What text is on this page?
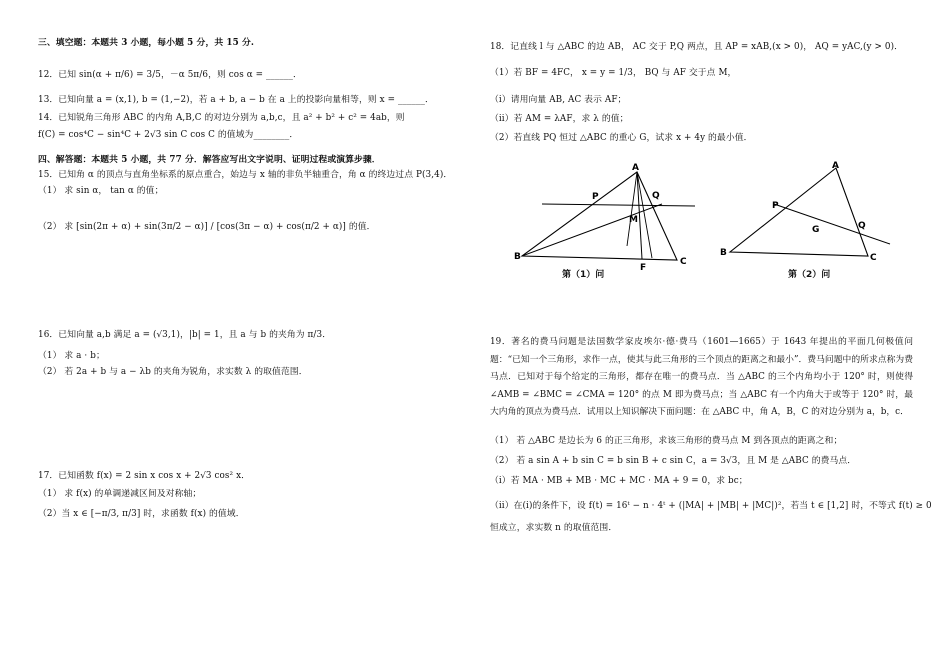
三、填空题：本题共 3 小题，每小题 5 分，共 15 分.
12．已知 sin(α + π/6) = 3/5，－α 5π/6，则 cos α = ______．
13．已知向量 a = (x,1), b = (1,−2)，若 a + b, a − b 在 a 上的投影向量相等，则 x = ______．
14．已知锐角三角形 ABC 的内角 A,B,C 的对边分别为 a,b,c，且 a² + b² + c² = 4ab，则
f(C) = cos⁴C − sin⁴C + 2√3 sin C cos C 的值域为________．
四、解答题：本题共 5 小题，共 77 分．解答应写出文字说明、证明过程或演算步骤．
15．已知角 α 的顶点与直角坐标系的原点重合，始边与 x 轴的非负半轴重合，角 α 的终边过点 P(3,4)．
（1） 求 sin α， tan α 的值；
（2） 求 [sin(2π + α) + sin(3π/2 − α)] / [cos(3π − α) + cos(π/2 + α)] 的值．
16．已知向量 a,b 满足 a = (√3,1)，|b| = 1，且 a 与 b 的夹角为 π/3．
（1） 求 a · b；
（2） 若 2a + b 与 a − λb 的夹角为锐角，求实数 λ 的取值范围．
17．已知函数 f(x) = 2 sin x cos x + 2√3 cos² x．
（1） 求 f(x) 的单调递减区间及对称轴；
（2）当 x ∈ [−π/3, π/3] 时，求函数 f(x) 的值域．
18．记直线 l 与 △ABC 的边 AB， AC 交于 P,Q 两点，且 AP = xAB,(x > 0)， AQ = yAC,(y > 0)．
（1）若 BF = 4FC， x = y = 1/3， BQ 与 AF 交于点 M，
（i）请用向量 AB, AC 表示 AF；
（ii）若 AM = λAF，求 λ 的值；
（2）若直线 PQ 恒过 △ABC 的重心 G，试求 x + 4y 的最小值．
A
B	C
P	Q
M
F
第（1）问
A
B	C
P
Q
G
第（2）问
19．著名的费马问题是法国数学家皮埃尔·德·费马（1601—1665）于 1643 年提出的平面几何极值问题：“已知一个三角形，求作一点，使其与此三角形的三个顶点的距离之和最小”．费马问题中的所求点称为费马点．已知对于每个给定的三角形，都存在唯一的费马点．当 △ABC 的三个内角均小于 120° 时，则使得 ∠AMB = ∠BMC = ∠CMA = 120° 的点 M 即为费马点；当 △ABC 有一个内角大于或等于 120° 时，最大内角的顶点为费马点．试用以上知识解决下面问题：在 △ABC 中，角 A，B，C 的对边分别为 a，b，c．
（1） 若 △ABC 是边长为 6 的正三角形，求该三角形的费马点 M 到各顶点的距离之和；
（2） 若 a sin A + b sin C = b sin B + c sin C，a = 3√3，且 M 是 △ABC 的费马点．
（i）若 MA · MB + MB · MC + MC · MA + 9 = 0，求 bc；
（ii）在(i)的条件下，设 f(t) = 16ᵗ − n · 4ᵗ + (|MA| + |MB| + |MC|)²，若当 t ∈ [1,2] 时，不等式 f(t) ≥ 0
恒成立，求实数 n 的取值范围．
